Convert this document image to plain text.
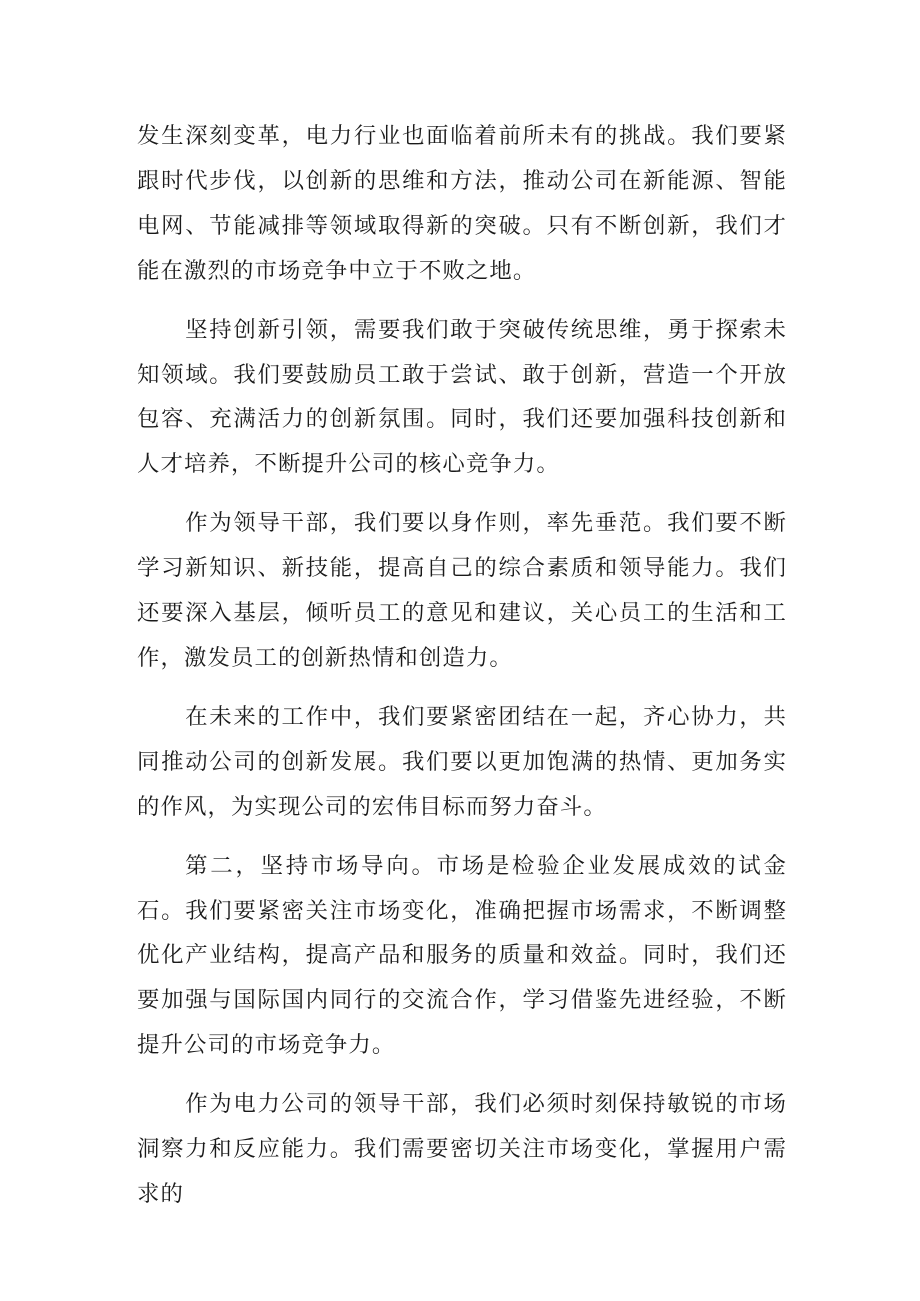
发生深刻变革，电力行业也面临着前所未有的挑战。我们要紧跟时代步伐，以创新的思维和方法，推动公司在新能源、智能电网、节能减排等领域取得新的突破。只有不断创新，我们才能在激烈的市场竞争中立于不败之地。

坚持创新引领，需要我们敢于突破传统思维，勇于探索未知领域。我们要鼓励员工敢于尝试、敢于创新，营造一个开放包容、充满活力的创新氛围。同时，我们还要加强科技创新和人才培养，不断提升公司的核心竞争力。

作为领导干部，我们要以身作则，率先垂范。我们要不断学习新知识、新技能，提高自己的综合素质和领导能力。我们还要深入基层，倾听员工的意见和建议，关心员工的生活和工作，激发员工的创新热情和创造力。

在未来的工作中，我们要紧密团结在一起，齐心协力，共同推动公司的创新发展。我们要以更加饱满的热情、更加务实的作风，为实现公司的宏伟目标而努力奋斗。

第二，坚持市场导向。市场是检验企业发展成效的试金石。我们要紧密关注市场变化，准确把握市场需求，不断调整优化产业结构，提高产品和服务的质量和效益。同时，我们还要加强与国际国内同行的交流合作，学习借鉴先进经验，不断提升公司的市场竞争力。

作为电力公司的领导干部，我们必须时刻保持敏锐的市场洞察力和反应能力。我们需要密切关注市场变化，掌握用户需求的
